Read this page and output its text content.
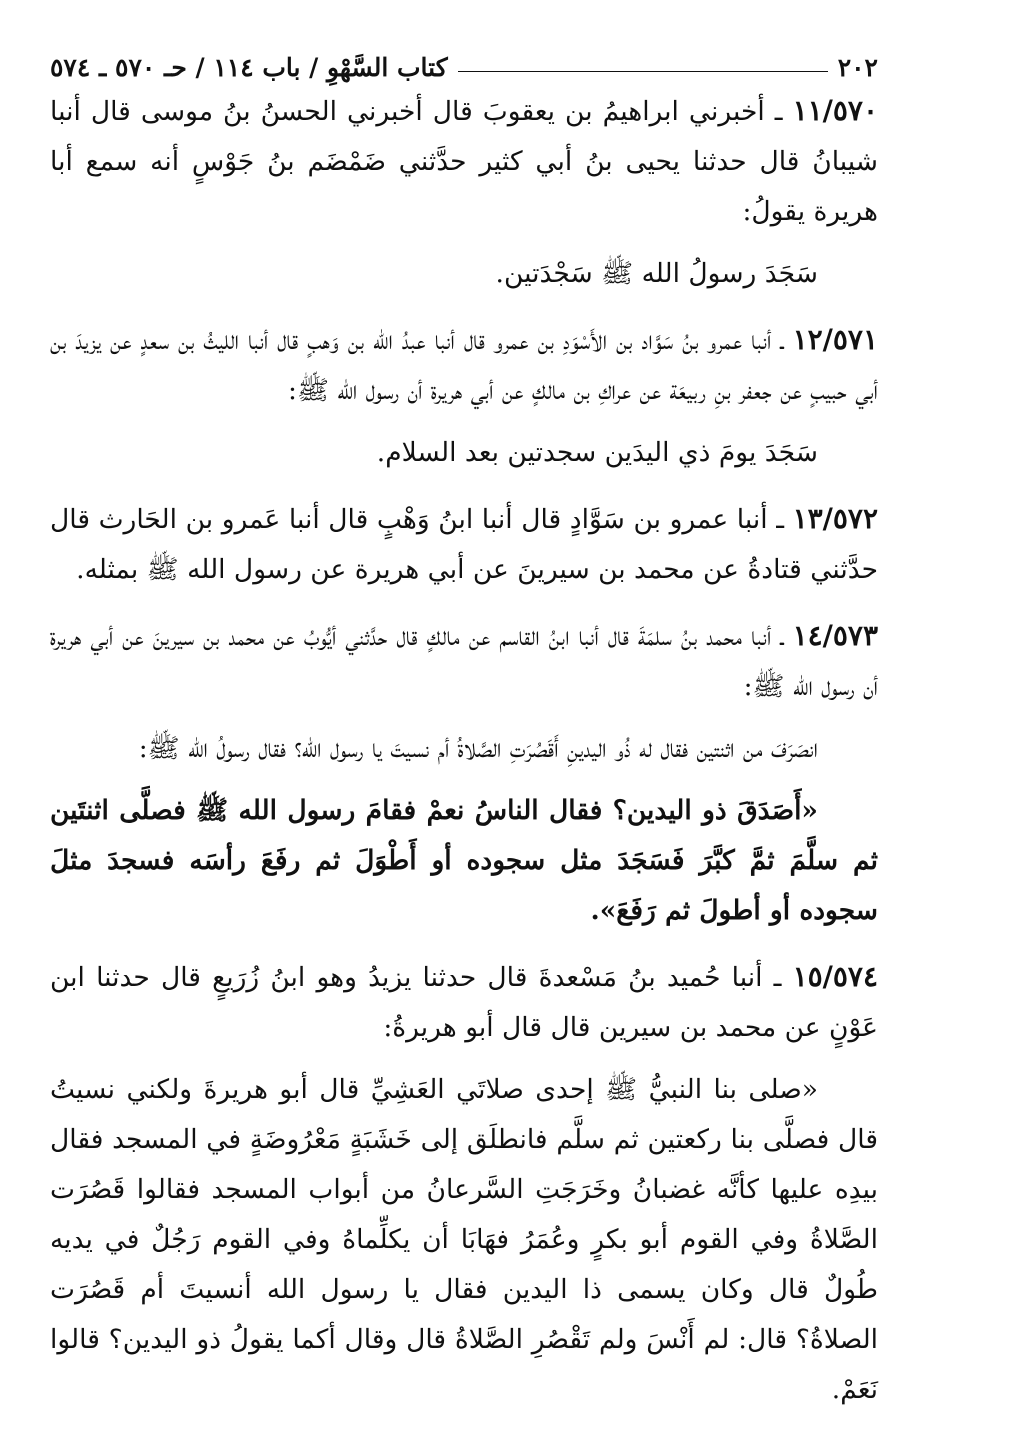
٢٠٢
كتاب السَّهْوِ / باب ١١٤ / حـ ٥٧٠ ـ ٥٧٤

١١/٥٧٠ ـ أخبرني ابراهيمُ بن يعقوبَ قال أخبرني الحسنُ بنُ موسى قال أنبا شيبانُ قال حدثنا يحيى بنُ أبي كثير حدَّثني ضَمْضَم بنُ جَوْسٍ أنه سمع أبا هريرة يقولُ:

سَجَدَ رسولُ الله ﷺ سَجْدَتين.

١٢/٥٧١ ـ أنبا عمرو بنُ سَوَّاد بن الأَسْوَدِ بن عمرو قال أنبا عبدُ الله بن وَهبٍ قال أنبا الليثُ بن سعدٍ عن يزيدَ بن أبي حبيبٍ عن جعفر بنِ ربيعَة عن عراكِ بن مالكٍ عن أبي هريرة أن رسول الله ﷺ:

سَجَدَ يومَ ذي اليدَين سجدتين بعد السلام.

١٣/٥٧٢ ـ أنبا عمرو بن سَوَّادٍ قال أنبا ابنُ وَهْبٍ قال أنبا عَمرو بن الحَارث قال حدَّثني قتادةُ عن محمد بن سيرينَ عن أبي هريرة عن رسول الله ﷺ بمثله.

١٤/٥٧٣ ـ أنبا محمد بنُ سلمَةَ قال أنبا ابنُ القاسم عن مالكٍ قال حدَّثني أيُّوبُ عن محمد بن سيرينَ عن أبي هريرة أن رسول الله ﷺ:

انصَرَفَ من اثنتين فقال له ذُو اليدينِ أَقَصُرَتِ الصَّلاةُ أم نسيتَ يا رسول الله؟ فقال رسولُ الله ﷺ:

«أَصَدَقَ ذو اليدين؟ فقال الناسُ نعمْ فقامَ رسول الله ﷺ فصلَّى اثنتَين ثم سلَّمَ ثمَّ كبَّرَ فَسَجَدَ مثل سجوده أو أَطْوَلَ ثم رفَعَ رأسَه فسجدَ مثلَ سجوده أو أطولَ ثم رَفَعَ».

١٥/٥٧٤ ـ أنبا حُميد بنُ مَسْعدةَ قال حدثنا يزيدُ وهو ابنُ زُرَيعٍ قال حدثنا ابن عَوْنٍ عن محمد بن سيرين قال قال أبو هريرةُ:

«صلى بنا النبيُّ ﷺ إحدى صلاتَي العَشِيِّ قال أبو هريرةَ ولكني نسيتُ قال فصلَّى بنا ركعتين ثم سلَّم فانطلَق إلى خَشَبَةٍ مَعْرُوضَةٍ في المسجد فقال بيدِه عليها كأنَّه غضبانُ وخَرَجَتِ السَّرعانُ من أبواب المسجد فقالوا قَصُرَت الصَّلاةُ وفي القوم أبو بكرٍ وعُمَرُ فهَابَا أن يكلِّماهُ وفي القوم رَجُلٌ في يديه طُولٌ قال وكان يسمى ذا اليدين فقال يا رسول الله أنسيتَ أم قَصُرَت الصلاةُ؟ قال: لم أَنْسَ ولم تَقْصُرِ الصَّلاةُ قال وقال أكما يقولُ ذو اليدين؟ قالوا نَعَمْ.
